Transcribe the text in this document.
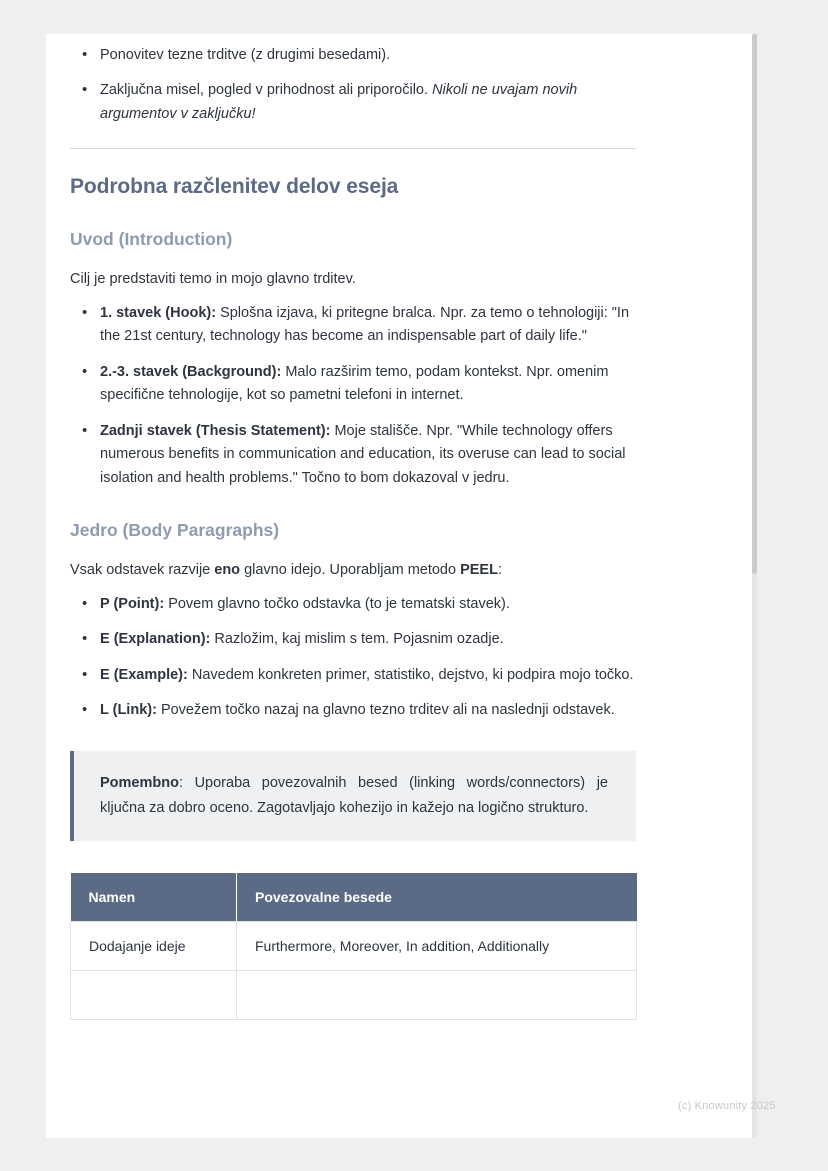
• Ponovitev tezne trditve (z drugimi besedami).
• Zaključna misel, pogled v prihodnost ali priporočilo. Nikoli ne uvajam novih argumentov v zaključku!
Podrobna razčlenitev delov eseja
Uvod (Introduction)

Cilj je predstaviti temo in mojo glavno trditev.

• 1. stavek (Hook): Splošna izjava, ki pritegne bralca. Npr. za temo o tehnologiji: "In the 21st century, technology has become an indispensable part of daily life."
• 2.-3. stavek (Background): Malo razširim temo, podam kontekst. Npr. omenim specifične tehnologije, kot so pametni telefoni in internet.
• Zadnji stavek (Thesis Statement): Moje stališče. Npr. "While technology offers numerous benefits in communication and education, its overuse can lead to social isolation and health problems." Točno to bom dokazoval v jedru.
Jedro (Body Paragraphs)

Vsak odstavek razvije eno glavno idejo. Uporabljam metodo PEEL:

• P (Point): Povem glavno točko odstavka (to je tematski stavek).
• E (Explanation): Razložim, kaj mislim s tem. Pojasnim ozadje.
• E (Example): Navedem konkreten primer, statistiko, dejstvo, ki podpira mojo točko.
• L (Link): Povežem točko nazaj na glavno tezno trditev ali na naslednji odstavek.

Pomembno: Uporaba povezovalnih besed (linking words/connectors) je ključna za dobro oceno. Zagotavljajo kohezijo in kažejo na logično strukturo.

Namen	Povezovalne besede
Dodajanje ideje	Furthermore, Moreover, In addition, Additionally

(c) Knowunity 2025
